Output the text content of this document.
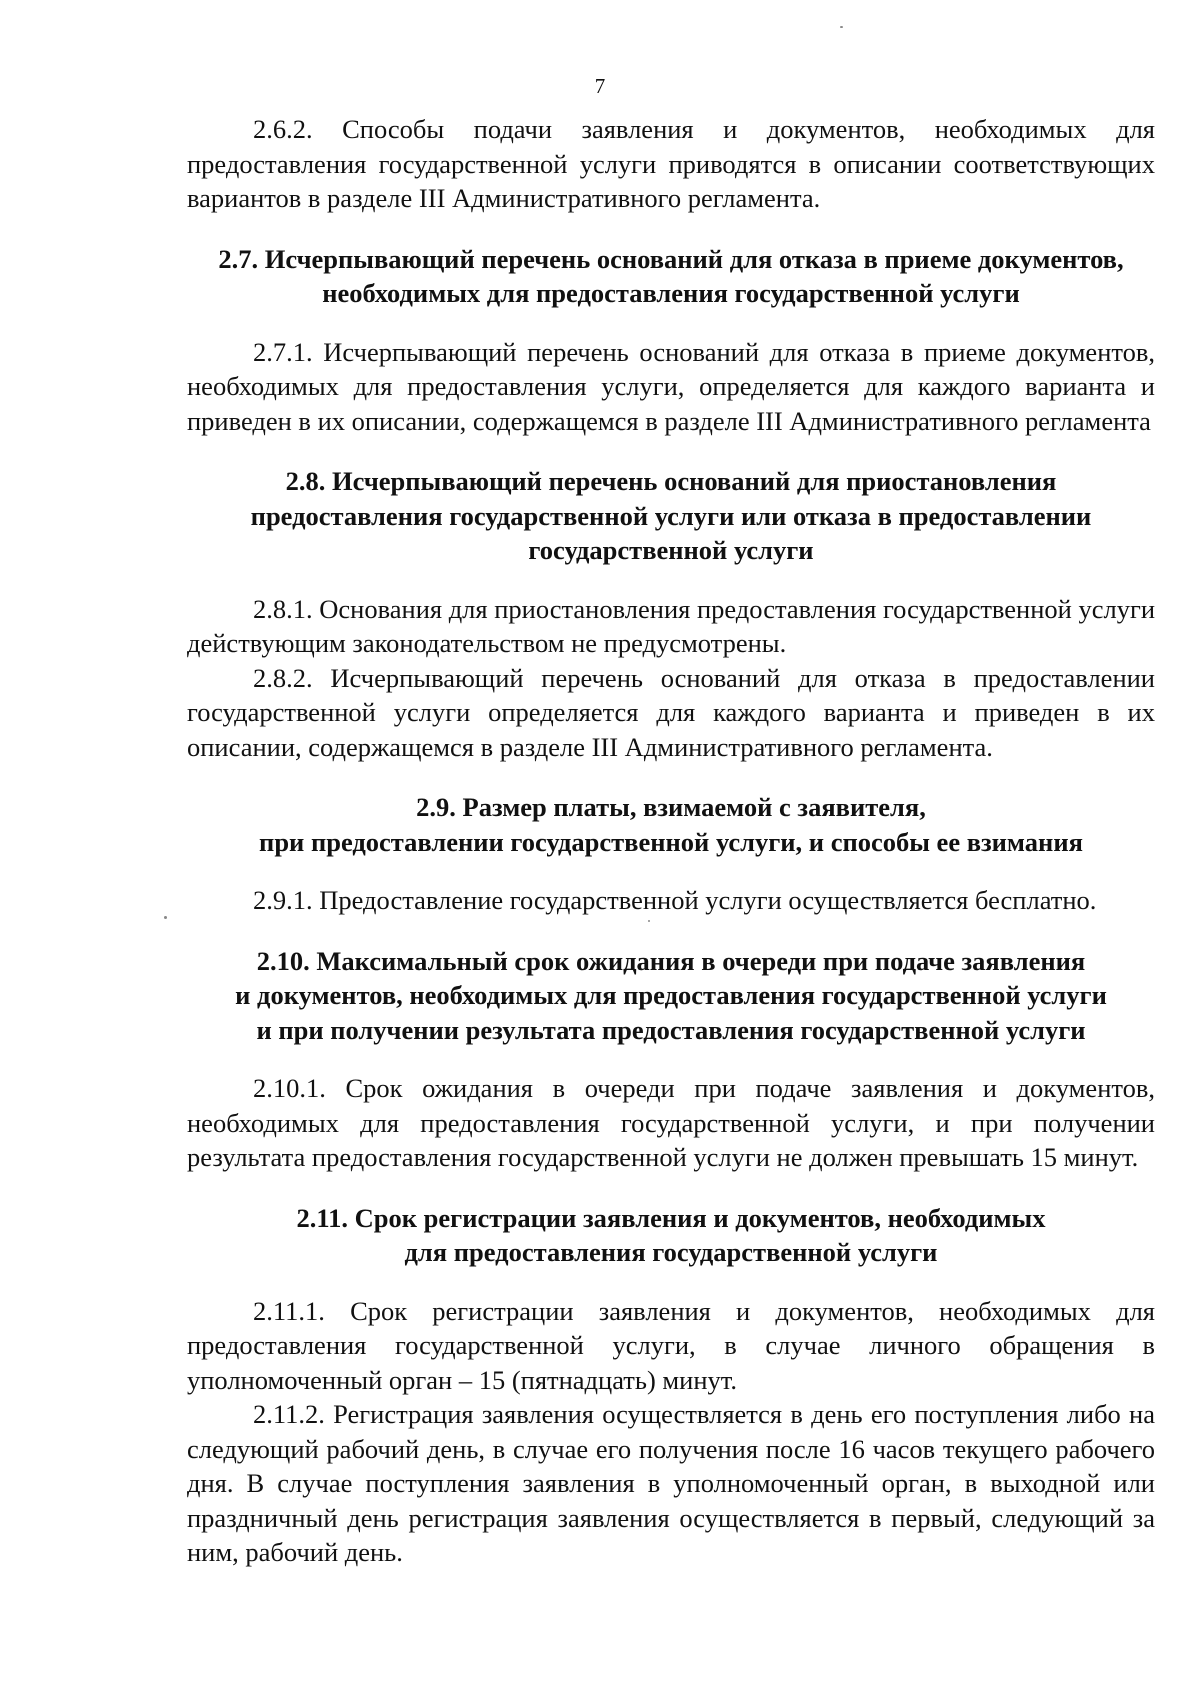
7

2.6.2. Способы подачи заявления и документов, необходимых для предоставления государственной услуги приводятся в описании соответствующих вариантов в разделе III Административного регламента.

2.7. Исчерпывающий перечень оснований для отказа в приеме документов,
необходимых для предоставления государственной услуги

2.7.1. Исчерпывающий перечень оснований для отказа в приеме документов, необходимых для предоставления услуги, определяется для каждого варианта и приведен в их описании, содержащемся в разделе III Административного регламента

2.8. Исчерпывающий перечень оснований для приостановления
предоставления государственной услуги или отказа в предоставлении
государственной услуги

2.8.1. Основания для приостановления предоставления государственной услуги действующим законодательством не предусмотрены.

2.8.2. Исчерпывающий перечень оснований для отказа в предоставлении государственной услуги определяется для каждого варианта и приведен в их описании, содержащемся в разделе III Административного регламента.

2.9. Размер платы, взимаемой с заявителя,
при предоставлении государственной услуги, и способы ее взимания

2.9.1. Предоставление государственной услуги осуществляется бесплатно.

2.10. Максимальный срок ожидания в очереди при подаче заявления
и документов, необходимых для предоставления государственной услуги
и при получении результата предоставления государственной услуги

2.10.1. Срок ожидания в очереди при подаче заявления и документов, необходимых для предоставления государственной услуги, и при получении результата предоставления государственной услуги не должен превышать 15 минут.

2.11. Срок регистрации заявления и документов, необходимых
для предоставления государственной услуги

2.11.1. Срок регистрации заявления и документов, необходимых для предоставления государственной услуги, в случае личного обращения в уполномоченный орган – 15 (пятнадцать) минут.

2.11.2. Регистрация заявления осуществляется в день его поступления либо на следующий рабочий день, в случае его получения после 16 часов текущего рабочего дня. В случае поступления заявления в уполномоченный орган, в выходной или праздничный день регистрация заявления осуществляется в первый, следующий за ним, рабочий день.
